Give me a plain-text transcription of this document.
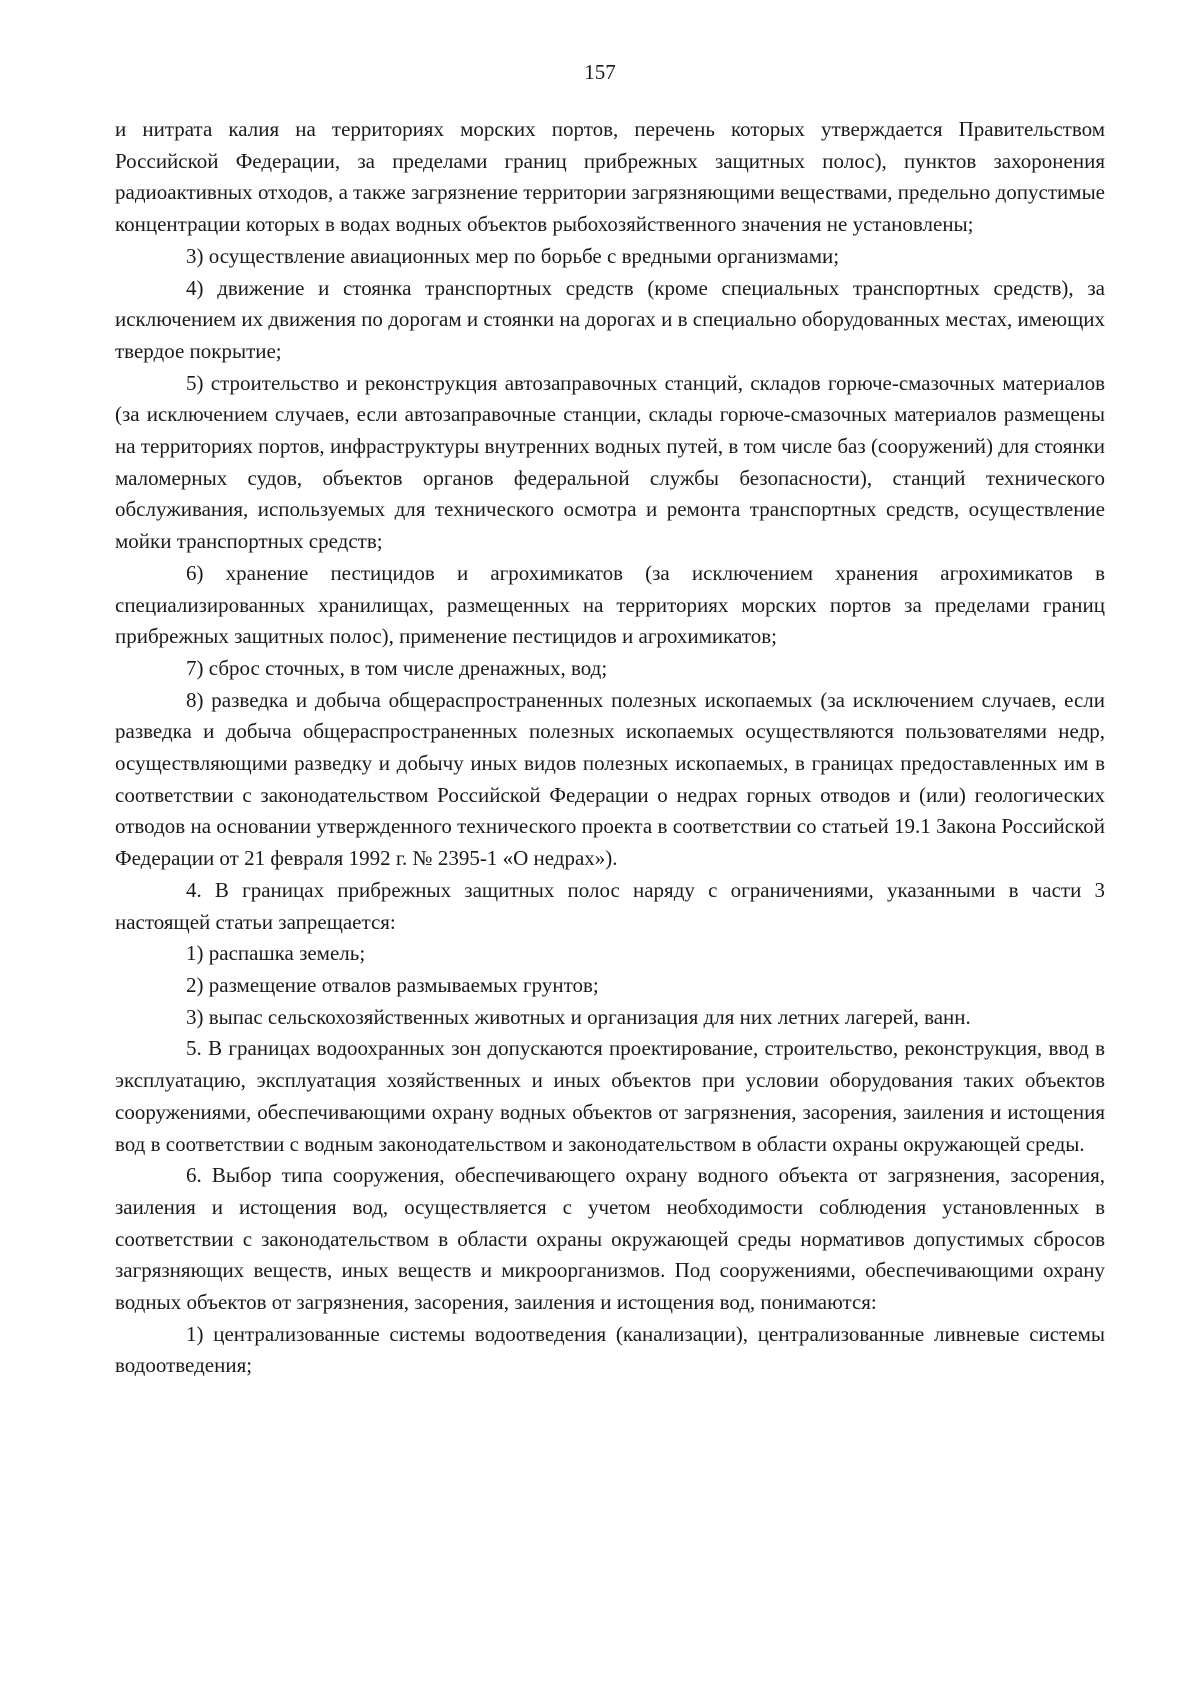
157

и нитрата калия на территориях морских портов, перечень которых утверждается Правительством Российской Федерации, за пределами границ прибрежных защитных полос), пунктов захоронения радиоактивных отходов, а также загрязнение территории загрязняющими веществами, предельно допустимые концентрации которых в водах водных объектов рыбохозяйственного значения не установлены;

3) осуществление авиационных мер по борьбе с вредными организмами;

4) движение и стоянка транспортных средств (кроме специальных транспортных средств), за исключением их движения по дорогам и стоянки на дорогах и в специально оборудованных местах, имеющих твердое покрытие;

5) строительство и реконструкция автозаправочных станций, складов горюче-смазочных материалов (за исключением случаев, если автозаправочные станции, склады горюче-смазочных материалов размещены на территориях портов, инфраструктуры внутренних водных путей, в том числе баз (сооружений) для стоянки маломерных судов, объектов органов федеральной службы безопасности), станций технического обслуживания, используемых для технического осмотра и ремонта транспортных средств, осуществление мойки транспортных средств;

6) хранение пестицидов и агрохимикатов (за исключением хранения агрохимикатов в специализированных хранилищах, размещенных на территориях морских портов за пределами границ прибрежных защитных полос), применение пестицидов и агрохимикатов;

7) сброс сточных, в том числе дренажных, вод;

8) разведка и добыча общераспространенных полезных ископаемых (за исключением случаев, если разведка и добыча общераспространенных полезных ископаемых осуществляются пользователями недр, осуществляющими разведку и добычу иных видов полезных ископаемых, в границах предоставленных им в соответствии с законодательством Российской Федерации о недрах горных отводов и (или) геологических отводов на основании утвержденного технического проекта в соответствии со статьей 19.1 Закона Российской Федерации от 21 февраля 1992 г. № 2395-1 «О недрах»).

4. В границах прибрежных защитных полос наряду с ограничениями, указанными в части 3 настоящей статьи запрещается:

1) распашка земель;

2) размещение отвалов размываемых грунтов;

3) выпас сельскохозяйственных животных и организация для них летних лагерей, ванн.

5. В границах водоохранных зон допускаются проектирование, строительство, реконструкция, ввод в эксплуатацию, эксплуатация хозяйственных и иных объектов при условии оборудования таких объектов сооружениями, обеспечивающими охрану водных объектов от загрязнения, засорения, заиления и истощения вод в соответствии с водным законодательством и законодательством в области охраны окружающей среды.

6. Выбор типа сооружения, обеспечивающего охрану водного объекта от загрязнения, засорения, заиления и истощения вод, осуществляется с учетом необходимости соблюдения установленных в соответствии с законодательством в области охраны окружающей среды нормативов допустимых сбросов загрязняющих веществ, иных веществ и микроорганизмов. Под сооружениями, обеспечивающими охрану водных объектов от загрязнения, засорения, заиления и истощения вод, понимаются:

1) централизованные системы водоотведения (канализации), централизованные ливневые системы водоотведения;
